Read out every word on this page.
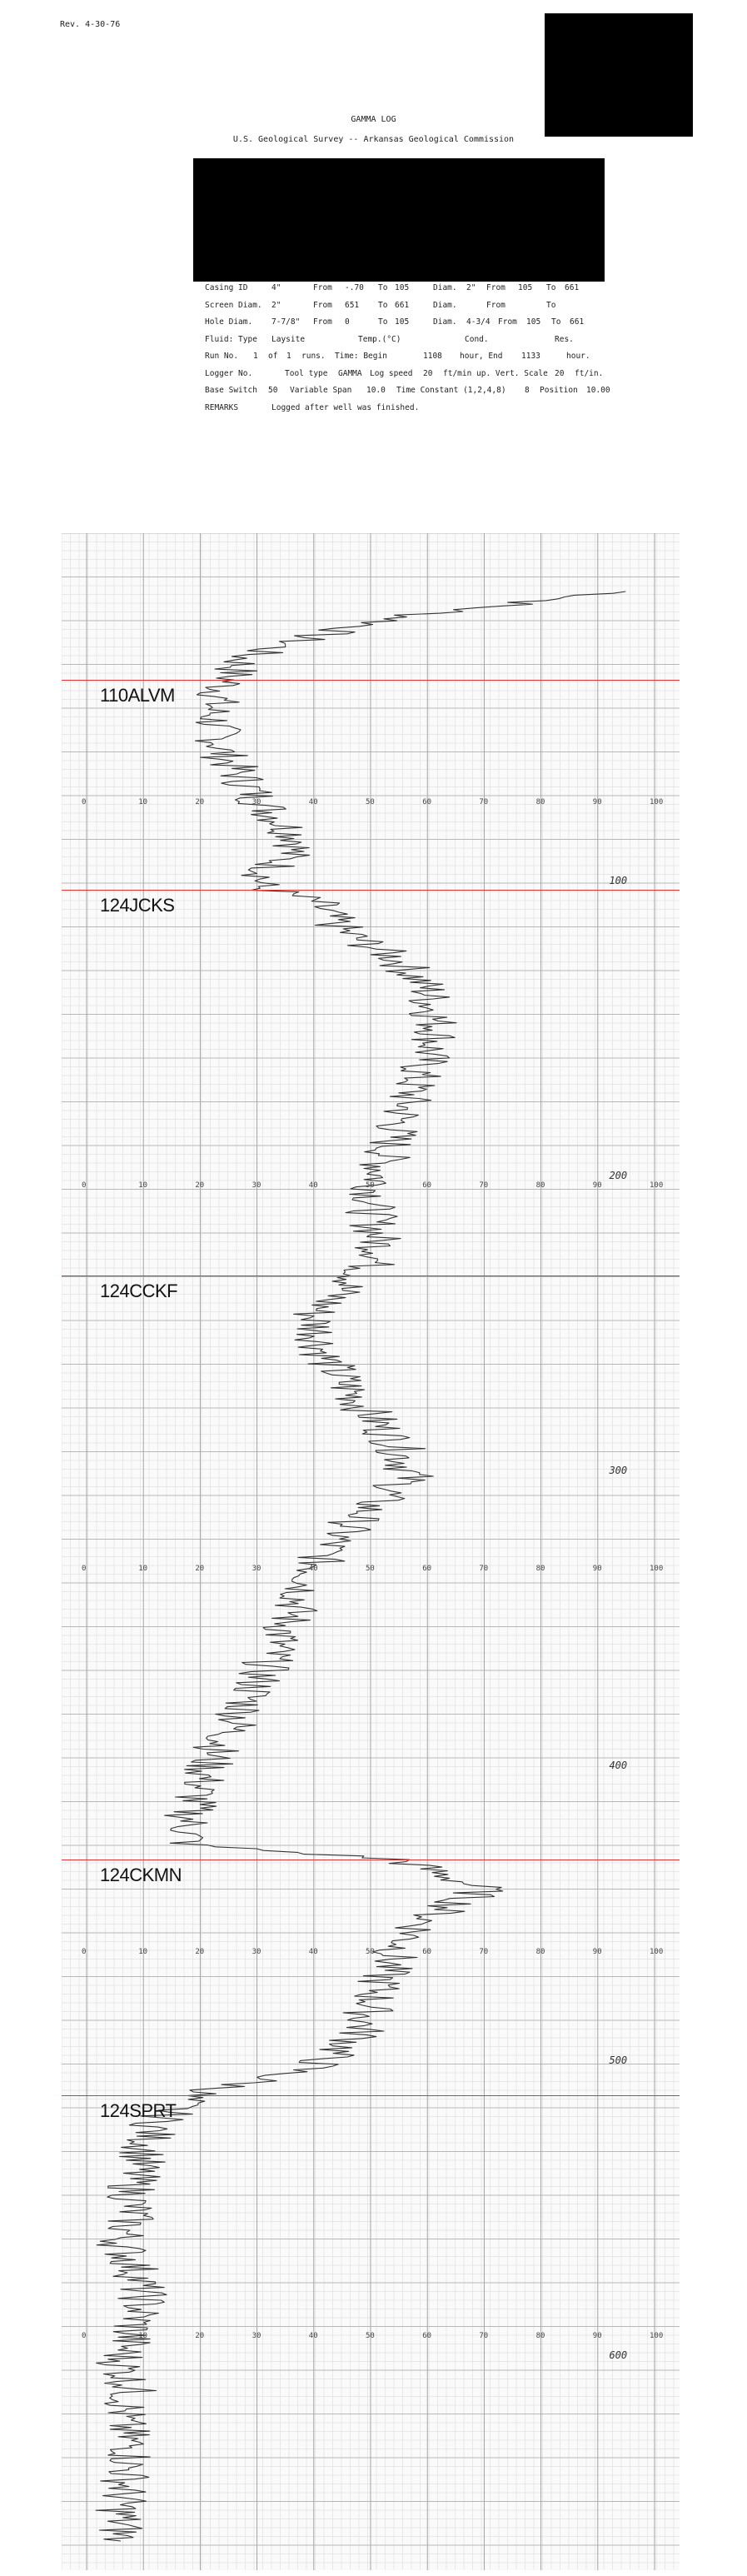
Rev. 4-30-76
GAMMA LOG
U.S. Geological Survey -- Arkansas Geological Commission
Casing ID	4"	From -.70 To 105	Diam. 2" From 105 To 661
Screen Diam. 2"	From 651 To 661	Diam.	From	To
Hole Diam. 7-7/8" From 0	To 105	Diam. 4-3/4 From 105 To 661
Fluid: Type Laysite	Temp.(°C)	Cond.	Res.
Run No. 1 of 1 runs. Time: Begin	1108 hour, End 1133	hour.
Logger No.	Tool type GAMMA Log speed 20 ft/min up. Vert. Scale 20 ft/in.
Base Switch 50 Variable Span 10.0 Time Constant (1,2,4,8) 8 Position 10.00
REMARKS	Logged after well was finished.
110ALVM
124JCKS
124CCKF
124CKMN
124SPRT
0	10	20	30	40	50	60	70	80	90	100
0	10	20	30	40	50	60	70	80	90	100
0	10	20	30	40	50	60	70	80	90	100
0	10	20	30	40	50	60	70	80	90	100
0	10	20	30	40	50	60	70	80	90	100
100
200
300
400
500
600
